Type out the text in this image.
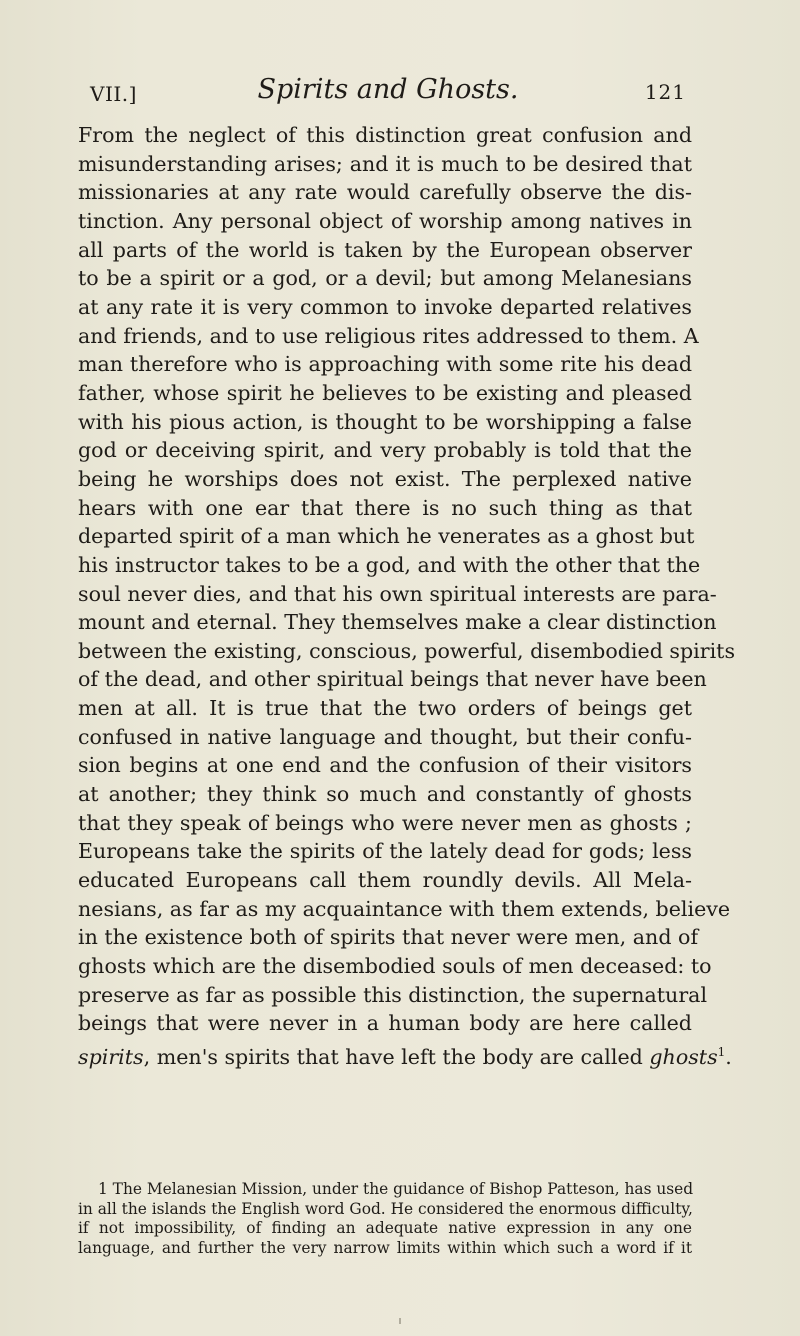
VII.]	Spirits and Ghosts.	121

From the neglect of this distinction great confusion and
misunderstanding arises; and it is much to be desired that
missionaries at any rate would carefully observe the dis-
tinction. Any personal object of worship among natives in
all parts of the world is taken by the European observer
to be a spirit or a god, or a devil; but among Melanesians
at any rate it is very common to invoke departed relatives
and friends, and to use religious rites addressed to them. A
man therefore who is approaching with some rite his dead
father, whose spirit he believes to be existing and pleased
with his pious action, is thought to be worshipping a false
god or deceiving spirit, and very probably is told that the
being he worships does not exist. The perplexed native
hears with one ear that there is no such thing as that
departed spirit of a man which he venerates as a ghost but
his instructor takes to be a god, and with the other that the
soul never dies, and that his own spiritual interests are para-
mount and eternal. They themselves make a clear distinction
between the existing, conscious, powerful, disembodied spirits
of the dead, and other spiritual beings that never have been
men at all. It is true that the two orders of beings get
confused in native language and thought, but their confu-
sion begins at one end and the confusion of their visitors
at another; they think so much and constantly of ghosts
that they speak of beings who were never men as ghosts ;
Europeans take the spirits of the lately dead for gods; less
educated Europeans call them roundly devils. All Mela-
nesians, as far as my acquaintance with them extends, believe
in the existence both of spirits that never were men, and of
ghosts which are the disembodied souls of men deceased: to
preserve as far as possible this distinction, the supernatural
beings that were never in a human body are here called
spirits, men's spirits that have left the body are called ghosts$^1$.

1 The Melanesian Mission, under the guidance of Bishop Patteson, has used
in all the islands the English word God. He considered the enormous difficulty,
if not impossibility, of finding an adequate native expression in any one
language, and further the very narrow limits within which such a word if it
